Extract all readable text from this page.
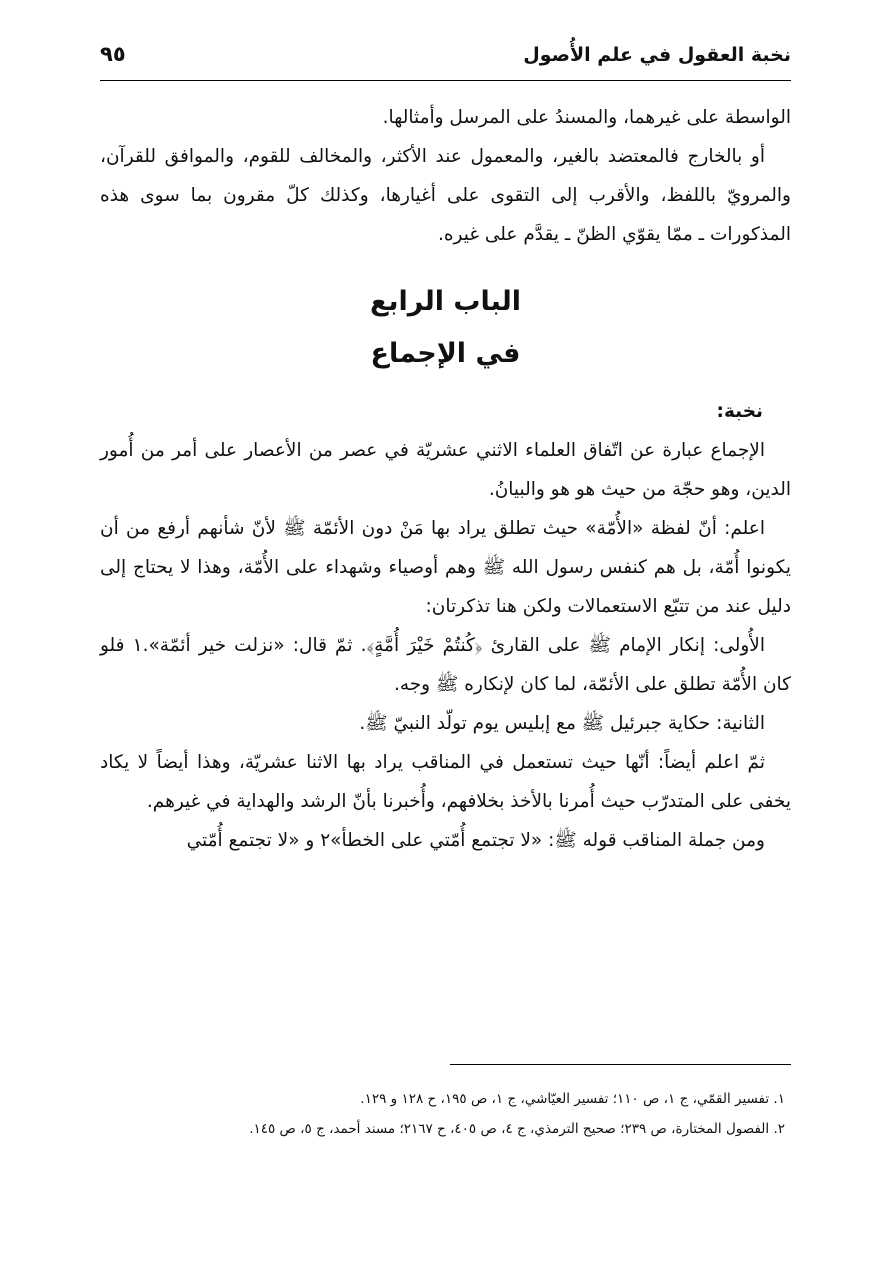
نخبة العقول في علم الأُصول
٩٥

الواسطة على غيرهما، والمسندُ على المرسل وأمثالها.

أو بالخارج فالمعتضد بالغير، والمعمول عند الأكثر، والمخالف للقوم، والموافق للقرآن، والمرويّ باللفظ، والأقرب إلى التقوى على أغيارها، وكذلك كلّ مقرون بما سوى هذه المذكورات ـ ممّا يقوّي الظنّ ـ يقدَّم على غيره.

الباب الرابع
في الإجماع

نخبة:

الإجماع عبارة عن اتّفاق العلماء الاثني عشريّة في عصر من الأعصار على أمر من أُمور الدين، وهو حجّة من حيث هو هو والبيانُ.

اعلم: أنّ لفظة «الأُمّة» حيث تطلق يراد بها مَنْ دون الأئمّة ﷺ لأنّ شأنهم أرفع من أن يكونوا أُمّة، بل هم كنفس رسول الله ﷺ وهم أوصياء وشهداء على الأُمّة، وهذا لا يحتاج إلى دليل عند من تتبّع الاستعمالات ولكن هنا تذكرتان:

الأُولى: إنكار الإمام ﷺ على القارئ ﴿كُنتُمْ خَيْرَ أُمَّةٍ﴾. ثمّ قال: «نزلت خير أئمّة».١ فلو كان الأُمّة تطلق على الأئمّة، لما كان لإنكاره ﷺ وجه.

الثانية: حكاية جبرئيل ﷺ مع إبليس يوم تولّد النبيّ ﷺ.

ثمّ اعلم أيضاً: أنّها حيث تستعمل في المناقب يراد بها الاثنا عشريّة، وهذا أيضاً لا يكاد يخفى على المتدرّب حيث أُمرنا بالأخذ بخلافهم، وأُخبرنا بأنّ الرشد والهداية في غيرهم.

ومن جملة المناقب قوله ﷺ: «لا تجتمع أُمّتي على الخطأ»٢ و «لا تجتمع أُمّتي

١. تفسير القمّي، ج ١، ص ١١٠؛ تفسير العيّاشي، ج ١، ص ١٩٥، ح ١٢٨ و ١٢٩.

٢. الفصول المختارة، ص ٢٣٩؛ صحيح الترمذي، ج ٤، ص ٤٠٥، ح ٢١٦٧؛ مسند أحمد، ج ٥، ص ١٤٥.
